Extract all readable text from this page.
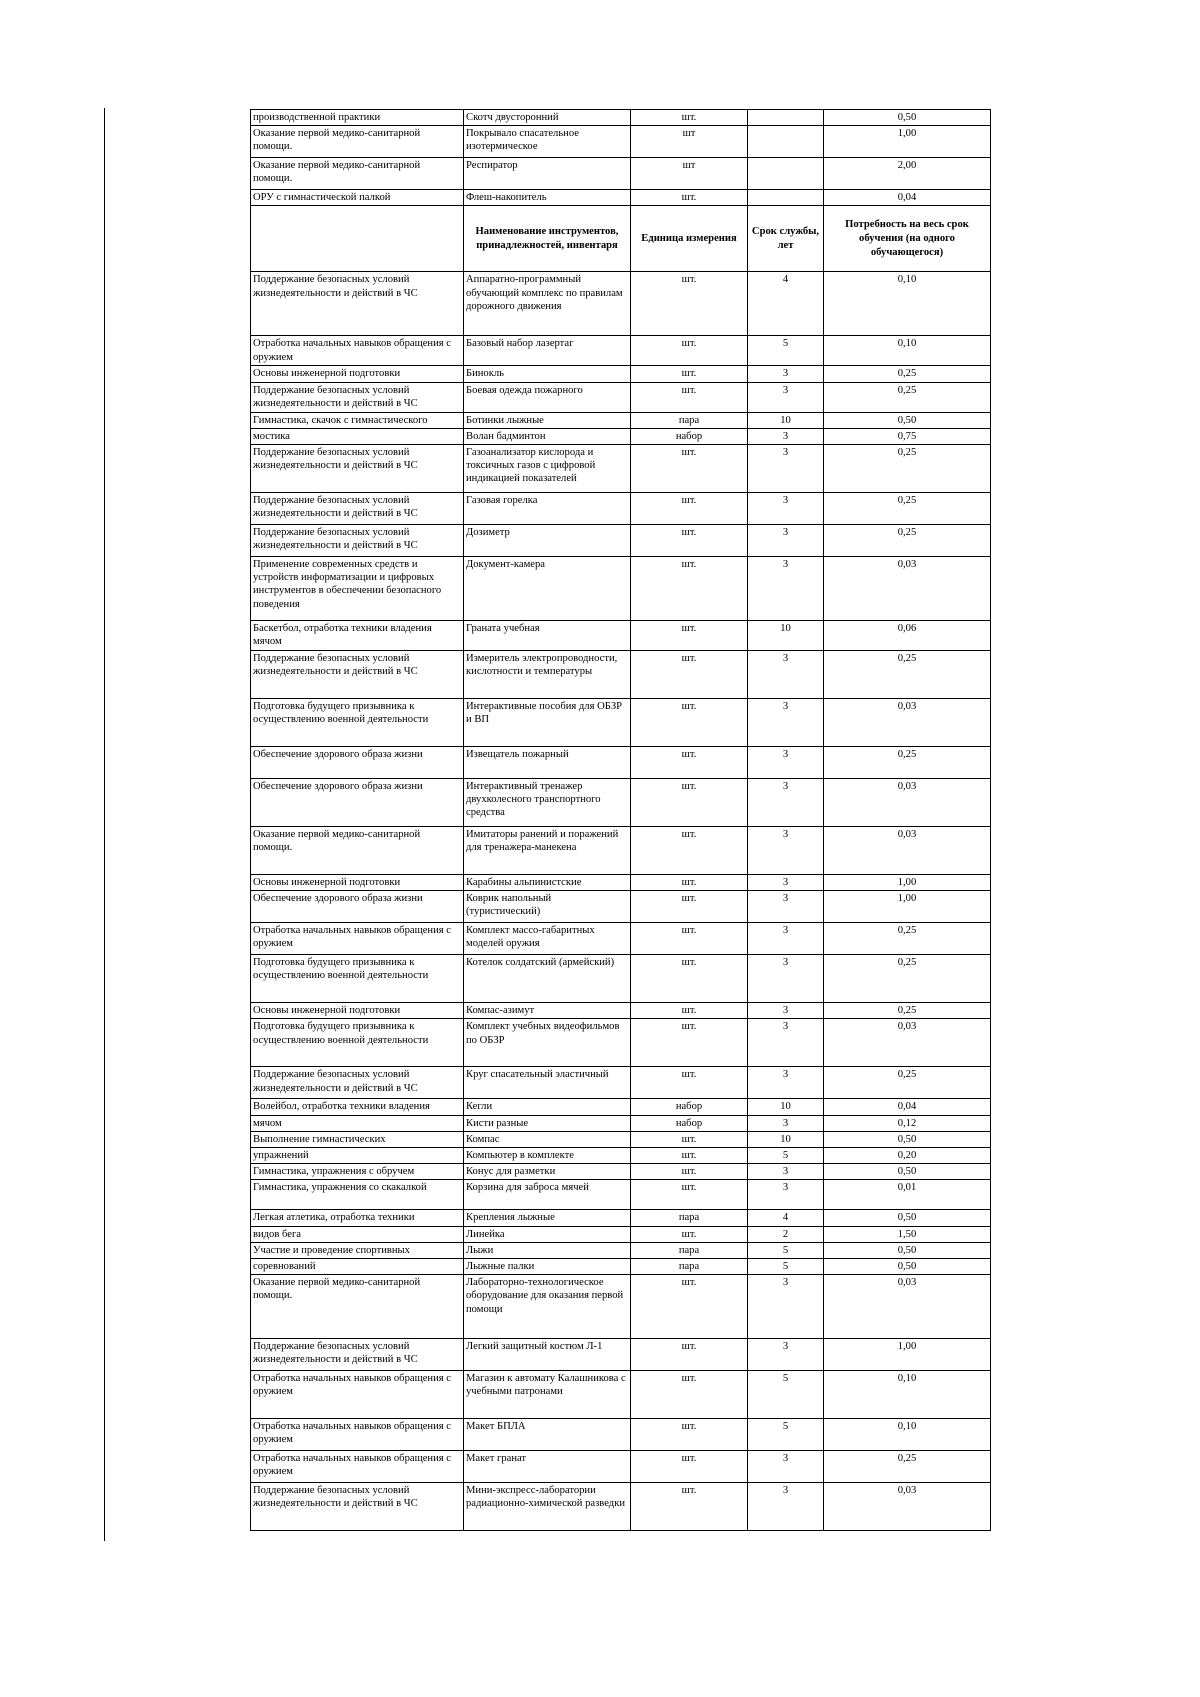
производственной практики	Скотч двусторонний	шт.		0,50
Оказание первой медико-санитарной помощи.	Покрывало спасательное изотермическое	шт		1,00
Оказание первой медико-санитарной помощи.	Респиратор	шт		2,00
ОРУ с гимнастической палкой	Флеш-накопитель	шт.		0,04
	Наименование инструментов, принадлежностей, инвентаря	Единица измерения	Срок службы, лет	Потребность на весь срок обучения (на одного обучающегося)
Поддержание безопасных условий жизнедеятельности и действий в ЧС	Аппаратно-программный обучающий комплекс по правилам дорожного движения	шт.	4	0,10
Отработка начальных навыков обращения с оружием	Базовый набор лазертаг	шт.	5	0,10
Основы инженерной подготовки	Бинокль	шт.	3	0,25
Поддержание безопасных условий жизнедеятельности и действий в ЧС	Боевая одежда пожарного	шт.	3	0,25
Гимнастика, скачок с гимнастического	Ботинки лыжные	пара	10	0,50
мостика	Волан бадминтон	набор	3	0,75
Поддержание безопасных условий жизнедеятельности и действий в ЧС	Газоанализатор кислорода и токсичных газов с цифровой индикацией показателей	шт.	3	0,25
Поддержание безопасных условий жизнедеятельности и действий в ЧС	Газовая горелка	шт.	3	0,25
Поддержание безопасных условий жизнедеятельности и действий в ЧС	Дозиметр	шт.	3	0,25
Применение современных средств и устройств информатизации и цифровых инструментов в обеспечении безопасного поведения	Документ-камера	шт.	3	0,03
Баскетбол, отработка техники владения мячом	Граната учебная	шт.	10	0,06
Поддержание безопасных условий жизнедеятельности и действий в ЧС	Измеритель электропроводности, кислотности и температуры	шт.	3	0,25
Подготовка будущего призывника к осуществлению военной деятельности	Интерактивные пособия для ОБЗР и ВП	шт.	3	0,03
Обеспечение здорового образа жизни	Извещатель пожарный	шт.	3	0,25
Обеспечение здорового образа жизни	Интерактивный тренажер двухколесного транспортного средства	шт.	3	0,03
Оказание первой медико-санитарной помощи.	Имитаторы ранений и поражений для тренажера-манекена	шт.	3	0,03
Основы инженерной подготовки	Карабины альпинистские	шт.	3	1,00
Обеспечение здорового образа жизни	Коврик напольный (туристический)	шт.	3	1,00
Отработка начальных навыков обращения с оружием	Комплект массо-габаритных моделей оружия	шт.	3	0,25
Подготовка будущего призывника к осуществлению военной деятельности	Котелок солдатский (армейский)	шт.	3	0,25
Основы инженерной подготовки	Компас-азимут	шт.	3	0,25
Подготовка будущего призывника к осуществлению военной деятельности	Комплект учебных видеофильмов по ОБЗР	шт.	3	0,03
Поддержание безопасных условий жизнедеятельности и действий в ЧС	Круг спасательный эластичный	шт.	3	0,25
Волейбол, отработка техники владения	Кегли	набор	10	0,04
мячом	Кисти разные	набор	3	0,12
Выполнение гимнастических	Компас	шт.	10	0,50
упражнений	Компьютер в комплекте	шт.	5	0,20
Гимнастика, упражнения с обручем	Конус для разметки	шт.	3	0,50
Гимнастика, упражнения со скакалкой	Корзина для заброса мячей	шт.	3	0,01
Легкая атлетика, отработка техники	Крепления лыжные	пара	4	0,50
видов бега	Линейка	шт.	2	1,50
Участие и проведение спортивных	Лыжи	пара	5	0,50
соревнований	Лыжные палки	пара	5	0,50
Оказание первой медико-санитарной помощи.	Лабораторно-технологическое оборудование для оказания первой помощи	шт.	3	0,03
Поддержание безопасных условий жизнедеятельности и действий в ЧС	Легкий защитный костюм Л-1	шт.	3	1,00
Отработка начальных навыков обращения с оружием	Магазин к автомату Калашникова с учебными патронами	шт.	5	0,10
Отработка начальных навыков обращения с оружием	Макет БПЛА	шт.	5	0,10
Отработка начальных навыков обращения с оружием	Макет гранат	шт.	3	0,25
Поддержание безопасных условий жизнедеятельности и действий в ЧС	Мини-экспресс-лаборатории радиационно-химической разведки	шт.	3	0,03
